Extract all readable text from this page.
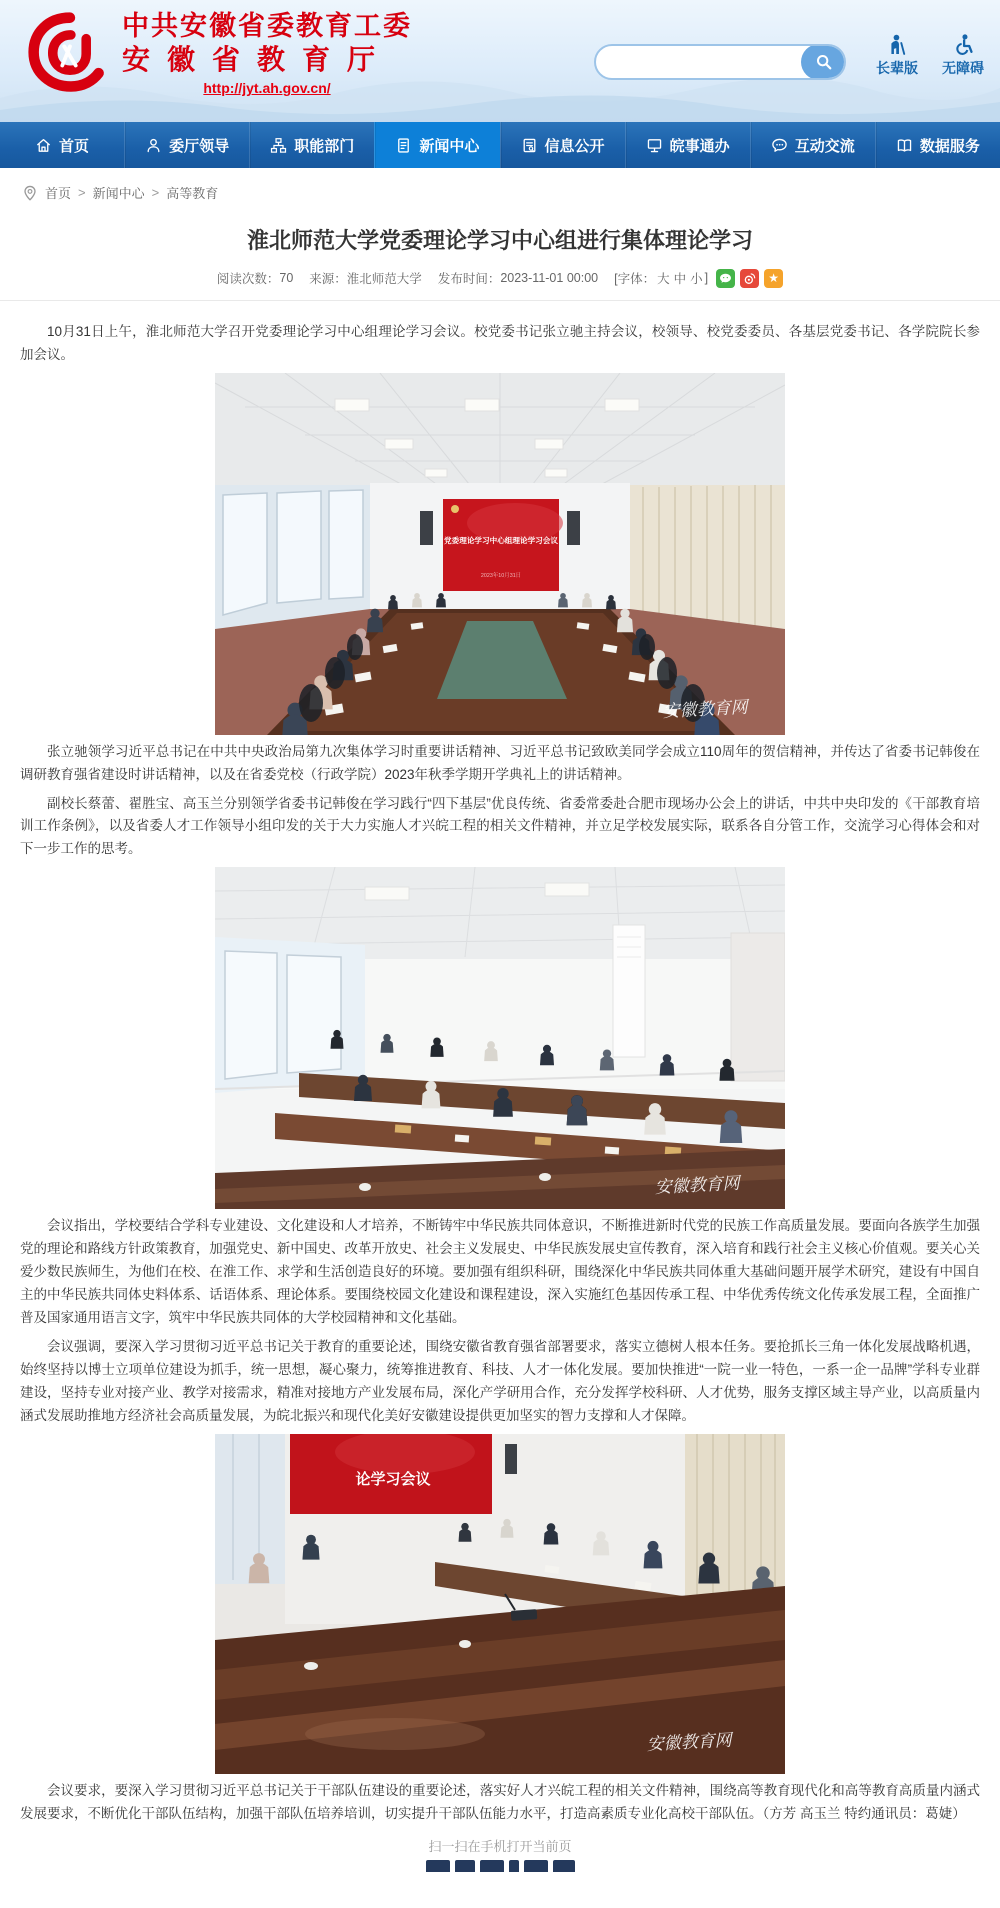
中共安徽省委教育工委
安徽省教育厅
http://jyt.ah.gov.cn/
长辈版 无障碍
首页	委厅领导	职能部门	新闻中心	信息公开	皖事通办	互动交流	数据服务
首页 > 新闻中心 > 高等教育
淮北师范大学党委理论学习中心组进行集体理论学习
阅读次数： 70 来源： 淮北师范大学 发布时间： 2023-11-01 00:00 [字体： 大 中 小 ]	★

10月31日上午，淮北师范大学召开党委理论学习中心组理论学习会议。校党委书记张立驰主持会议，校领导、校党委委员、各基层党委书记、各学院院长参加会议。

党委理论学习中心组理论学习会议
2023年10月31日
安徽教育网

张立驰领学习近平总书记在中共中央政治局第九次集体学习时重要讲话精神、习近平总书记致欧美同学会成立110周年的贺信精神，并传达了省委书记韩俊在调研教育强省建设时讲话精神，以及在省委党校（行政学院）2023年秋季学期开学典礼上的讲话精神。

副校长蔡蕾、翟胜宝、高玉兰分别领学省委书记韩俊在学习践行“四下基层”优良传统、省委常委赴合肥市现场办公会上的讲话，中共中央印发的《干部教育培训工作条例》，以及省委人才工作领导小组印发的关于大力实施人才兴皖工程的相关文件精神，并立足学校发展实际，联系各自分管工作，交流学习心得体会和对下一步工作的思考。

安徽教育网

会议指出，学校要结合学科专业建设、文化建设和人才培养，不断铸牢中华民族共同体意识，不断推进新时代党的民族工作高质量发展。要面向各族学生加强党的理论和路线方针政策教育，加强党史、新中国史、改革开放史、社会主义发展史、中华民族发展史宣传教育，深入培育和践行社会主义核心价值观。要关心关爱少数民族师生，为他们在校、在淮工作、求学和生活创造良好的环境。要加强有组织科研，围绕深化中华民族共同体重大基础问题开展学术研究，建设有中国自主的中华民族共同体史料体系、话语体系、理论体系。要围绕校园文化建设和课程建设，深入实施红色基因传承工程、中华优秀传统文化传承发展工程，全面推广普及国家通用语言文字，筑牢中华民族共同体的大学校园精神和文化基础。

会议强调，要深入学习贯彻习近平总书记关于教育的重要论述，围绕安徽省教育强省部署要求，落实立德树人根本任务。要抢抓长三角一体化发展战略机遇，始终坚持以博士立项单位建设为抓手，统一思想，凝心聚力，统筹推进教育、科技、人才一体化发展。要加快推进“一院一业一特色，一系一企一品牌”学科专业群建设，坚持专业对接产业、教学对接需求，精准对接地方产业发展布局，深化产学研用合作，充分发挥学校科研、人才优势，服务支撑区域主导产业，以高质量内涵式发展助推地方经济社会高质量发展，为皖北振兴和现代化美好安徽建设提供更加坚实的智力支撑和人才保障。

论学习会议
安徽教育网

会议要求，要深入学习贯彻习近平总书记关于干部队伍建设的重要论述，落实好人才兴皖工程的相关文件精神，围绕高等教育现代化和高等教育高质量内涵式发展要求，不断优化干部队伍结构，加强干部队伍培养培训，切实提升干部队伍能力水平，打造高素质专业化高校干部队伍。（方芳 高玉兰 特约通讯员：葛婕）

扫一扫在手机打开当前页
